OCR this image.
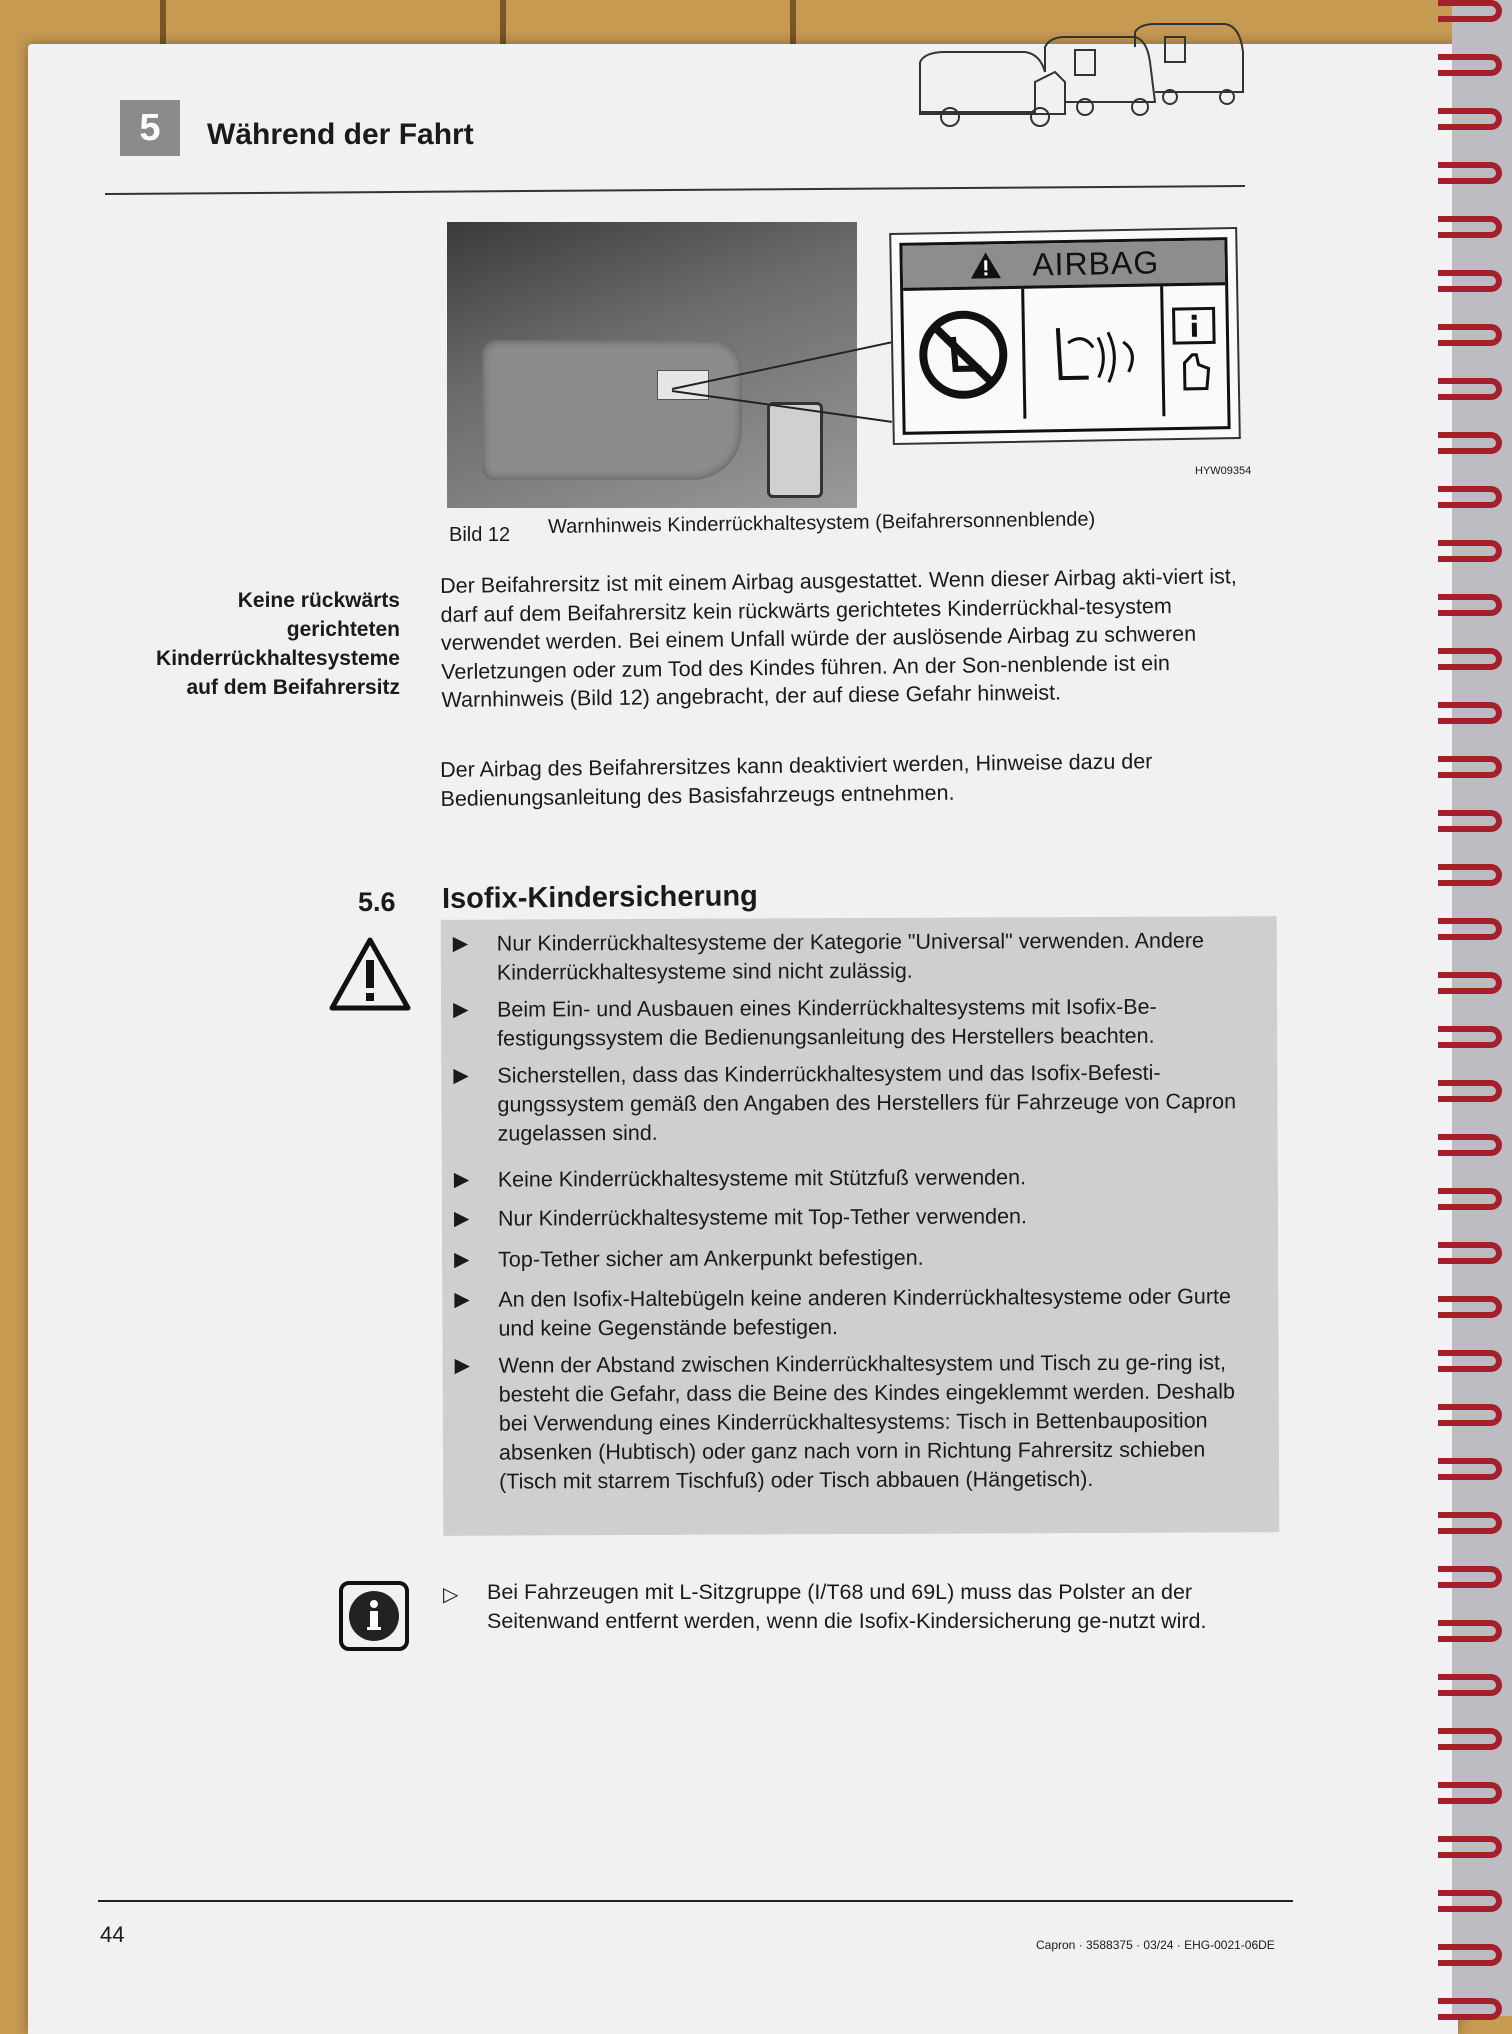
5	Während der Fahrt
AIRBAG
HYW09354
Bild 12 Warnhinweis Kinderrückhaltesystem (Beifahrersonnenblende)
Keine rückwärts
gerichteten
Kinderrückhaltesysteme
auf dem Beifahrersitz
Der Beifahrersitz ist mit einem Airbag ausgestattet. Wenn dieser Airbag akti-viert ist, darf auf dem Beifahrersitz kein rückwärts gerichtetes Kinderrückhal-tesystem verwendet werden. Bei einem Unfall würde der auslösende Airbag zu schweren Verletzungen oder zum Tod des Kindes führen. An der Son-nenblende ist ein Warnhinweis (Bild 12) angebracht, der auf diese Gefahr hinweist.
Der Airbag des Beifahrersitzes kann deaktiviert werden, Hinweise dazu der Bedienungsanleitung des Basisfahrzeugs entnehmen.
5.6 Isofix-Kindersicherung
▶ Nur Kinderrückhaltesysteme der Kategorie "Universal" verwenden. Andere Kinderrückhaltesysteme sind nicht zulässig.
▶ Beim Ein- und Ausbauen eines Kinderrückhaltesystems mit Isofix-Be-festigungssystem die Bedienungsanleitung des Herstellers beachten.
▶ Sicherstellen, dass das Kinderrückhaltesystem und das Isofix-Befesti-gungssystem gemäß den Angaben des Herstellers für Fahrzeuge von Capron zugelassen sind.
▶ Keine Kinderrückhaltesysteme mit Stützfuß verwenden.
▶ Nur Kinderrückhaltesysteme mit Top-Tether verwenden.
▶ Top-Tether sicher am Ankerpunkt befestigen.
▶ An den Isofix-Haltebügeln keine anderen Kinderrückhaltesysteme oder Gurte und keine Gegenstände befestigen.
▶ Wenn der Abstand zwischen Kinderrückhaltesystem und Tisch zu ge-ring ist, besteht die Gefahr, dass die Beine des Kindes eingeklemmt werden. Deshalb bei Verwendung eines Kinderrückhaltesystems: Tisch in Bettenbauposition absenken (Hubtisch) oder ganz nach vorn in Richtung Fahrersitz schieben (Tisch mit starrem Tischfuß) oder Tisch abbauen (Hängetisch).
▷ Bei Fahrzeugen mit L-Sitzgruppe (I/T68 und 69L) muss das Polster an der Seitenwand entfernt werden, wenn die Isofix-Kindersicherung ge-nutzt wird.
44	Capron · 3588375 · 03/24 · EHG-0021-06DE
